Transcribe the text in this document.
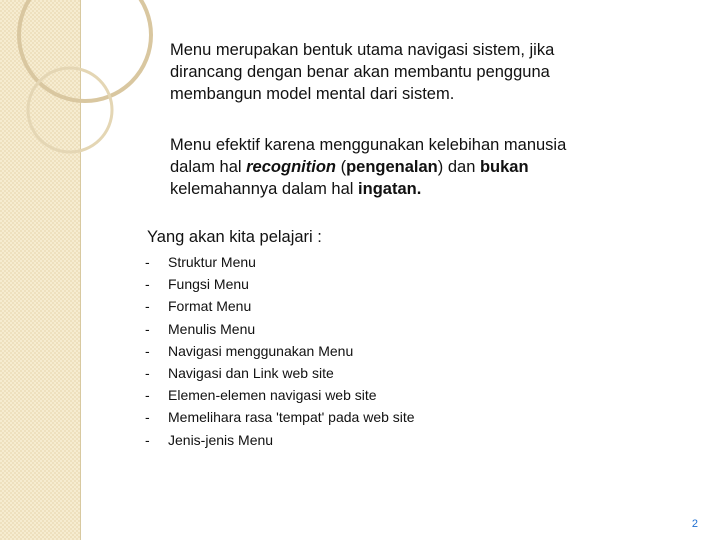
Menu merupakan bentuk utama navigasi sistem, jika
dirancang dengan benar akan membantu pengguna
membangun model mental dari sistem.
Menu efektif karena menggunakan kelebihan manusia
dalam hal recognition (pengenalan) dan bukan
kelemahannya dalam hal ingatan.
Yang akan kita pelajari :
-	Struktur Menu
-	Fungsi Menu
-	Format Menu
-	Menulis Menu
-	Navigasi menggunakan Menu
-	Navigasi dan Link web site
-	Elemen-elemen navigasi web site
-	Memelihara rasa 'tempat' pada web site
-	Jenis-jenis Menu
2
